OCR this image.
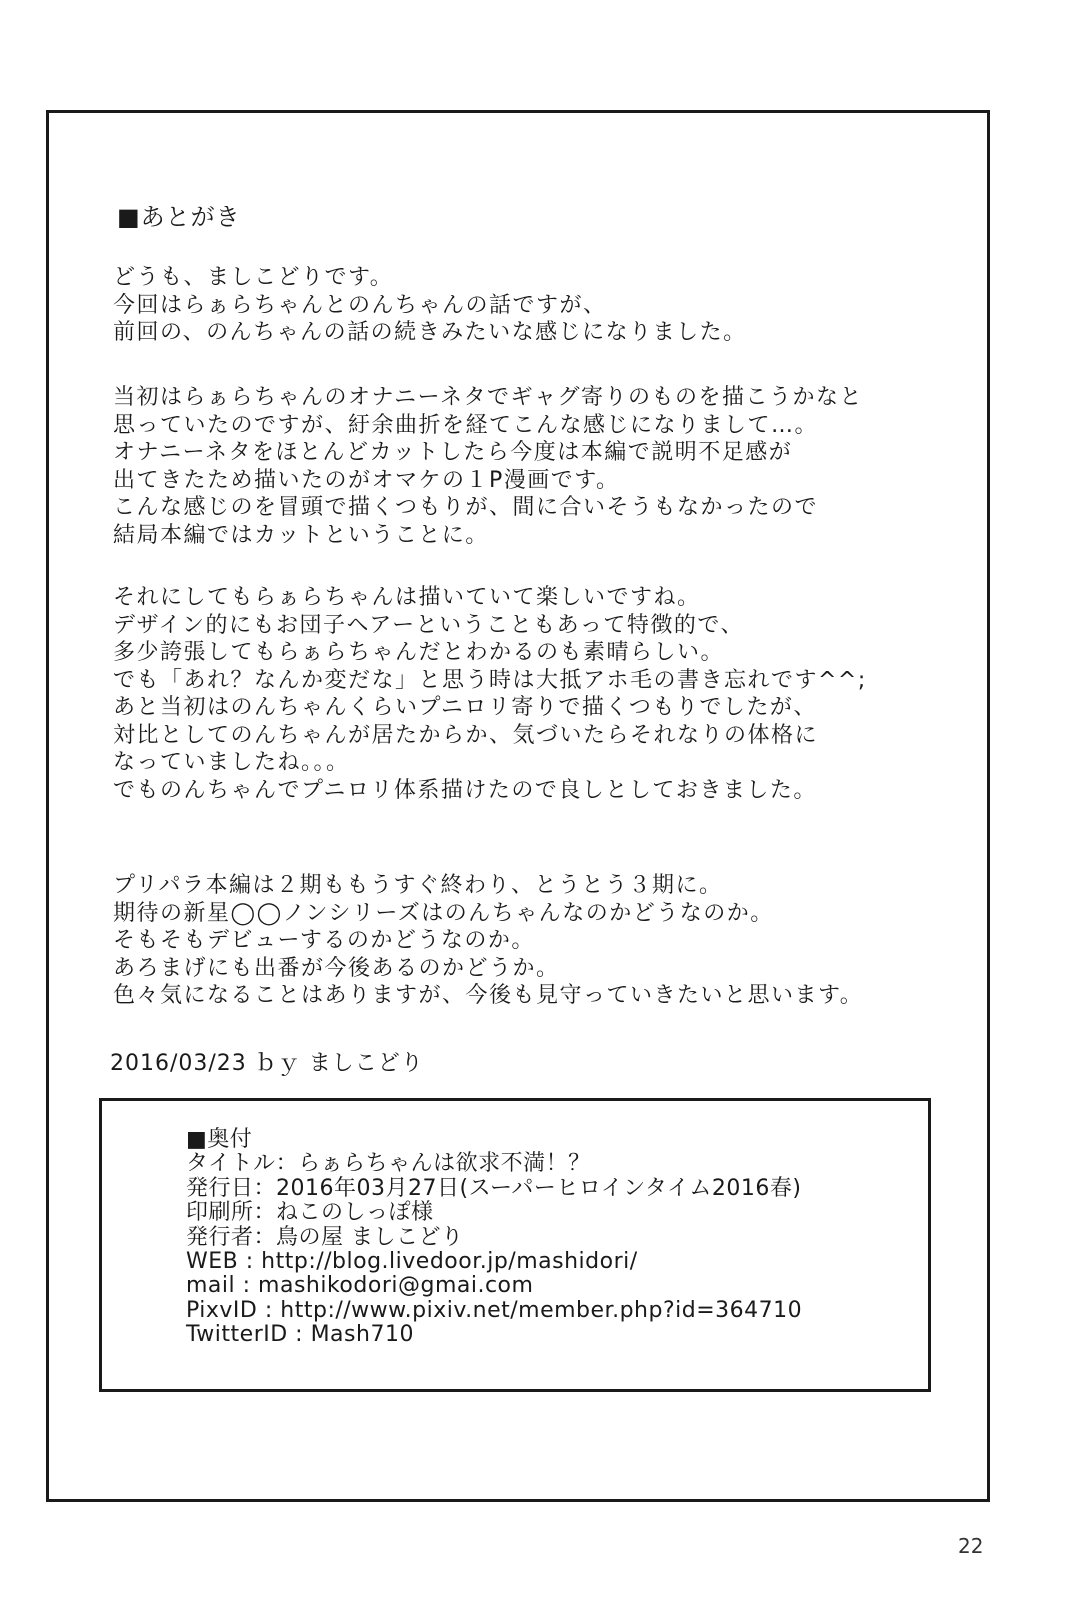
■あとがき
どうも、ましこどりです。
今回はらぁらちゃんとのんちゃんの話ですが、
前回の、のんちゃんの話の続きみたいな感じになりました。
当初はらぁらちゃんのオナニーネタでギャグ寄りのものを描こうかなと
思っていたのですが、紆余曲折を経てこんな感じになりまして…。
オナニーネタをほとんどカットしたら今度は本編で説明不足感が
出てきたため描いたのがオマケの１P漫画です。
こんな感じのを冒頭で描くつもりが、間に合いそうもなかったので
結局本編ではカットということに。
それにしてもらぁらちゃんは描いていて楽しいですね。
デザイン的にもお団子ヘアーということもあって特徴的で、
多少誇張してもらぁらちゃんだとわかるのも素晴らしい。
でも「あれ？なんか変だな」と思う時は大抵アホ毛の書き忘れです^^;
あと当初はのんちゃんくらいプニロリ寄りで描くつもりでしたが、
対比としてのんちゃんが居たからか、気づいたらそれなりの体格に
なっていましたね。。。
でものんちゃんでプニロリ体系描けたので良しとしておきました。
プリパラ本編は２期ももうすぐ終わり、とうとう３期に。
期待の新星◯◯ノンシリーズはのんちゃんなのかどうなのか。
そもそもデビューするのかどうなのか。
あろまげにも出番が今後あるのかどうか。
色々気になることはありますが、今後も見守っていきたいと思います。
2016/03/23 ｂｙ ましこどり
■奥付
タイトル：らぁらちゃんは欲求不満！？
発行日：2016年03月27日(スーパーヒロインタイム2016春)
印刷所：ねこのしっぽ様
発行者：鳥の屋 ましこどり
WEB : http://blog.livedoor.jp/mashidori/
mail : mashikodori@gmai.com
PixvID : http://www.pixiv.net/member.php?id=364710
TwitterID : Mash710
22
